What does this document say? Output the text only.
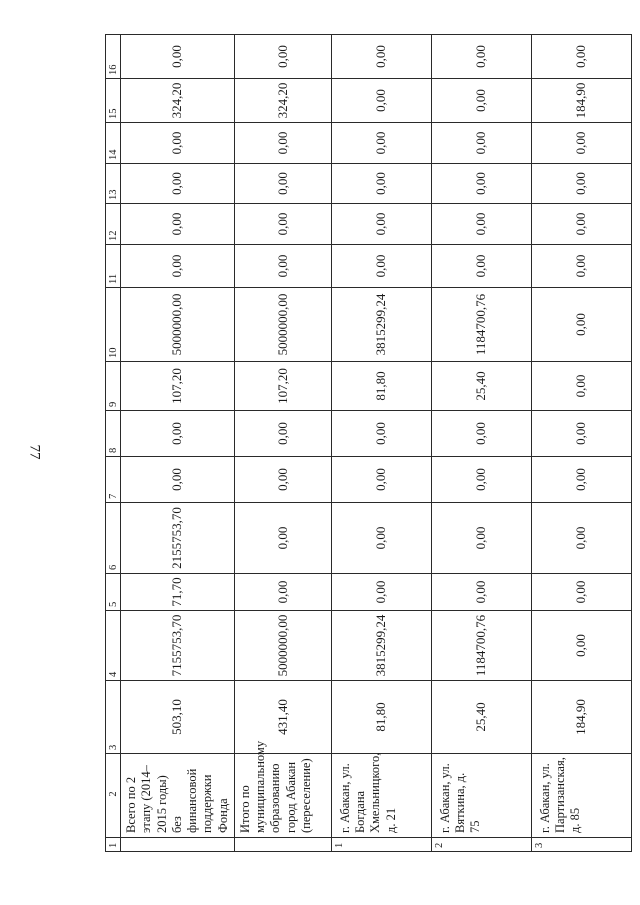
77
1	2	3	4	5	6	7	8	9	10	11	12	13	14	15	16
	Всего по 2 этапу (2014–2015 годы) без финансовой поддержки Фонда	503,10	7155753,70	71,70	2155753,70	0,00	0,00	107,20	5000000,00	0,00	0,00	0,00	0,00	324,20	0,00
	Итого по муниципальному образованию город Абакан (переселение)	431,40	5000000,00	0,00	0,00	0,00	0,00	107,20	5000000,00	0,00	0,00	0,00	0,00	324,20	0,00
1	г. Абакан, ул. Богдана Хмельницкого, д. 21	81,80	3815299,24	0,00	0,00	0,00	0,00	81,80	3815299,24	0,00	0,00	0,00	0,00	0,00	0,00
2	г. Абакан, ул. Вяткина, д. 75	25,40	1184700,76	0,00	0,00	0,00	0,00	25,40	1184700,76	0,00	0,00	0,00	0,00	0,00	0,00
3	г. Абакан, ул. Партизанская, д. 85	184,90	0,00	0,00	0,00	0,00	0,00	0,00	0,00	0,00	0,00	0,00	0,00	184,90	0,00
